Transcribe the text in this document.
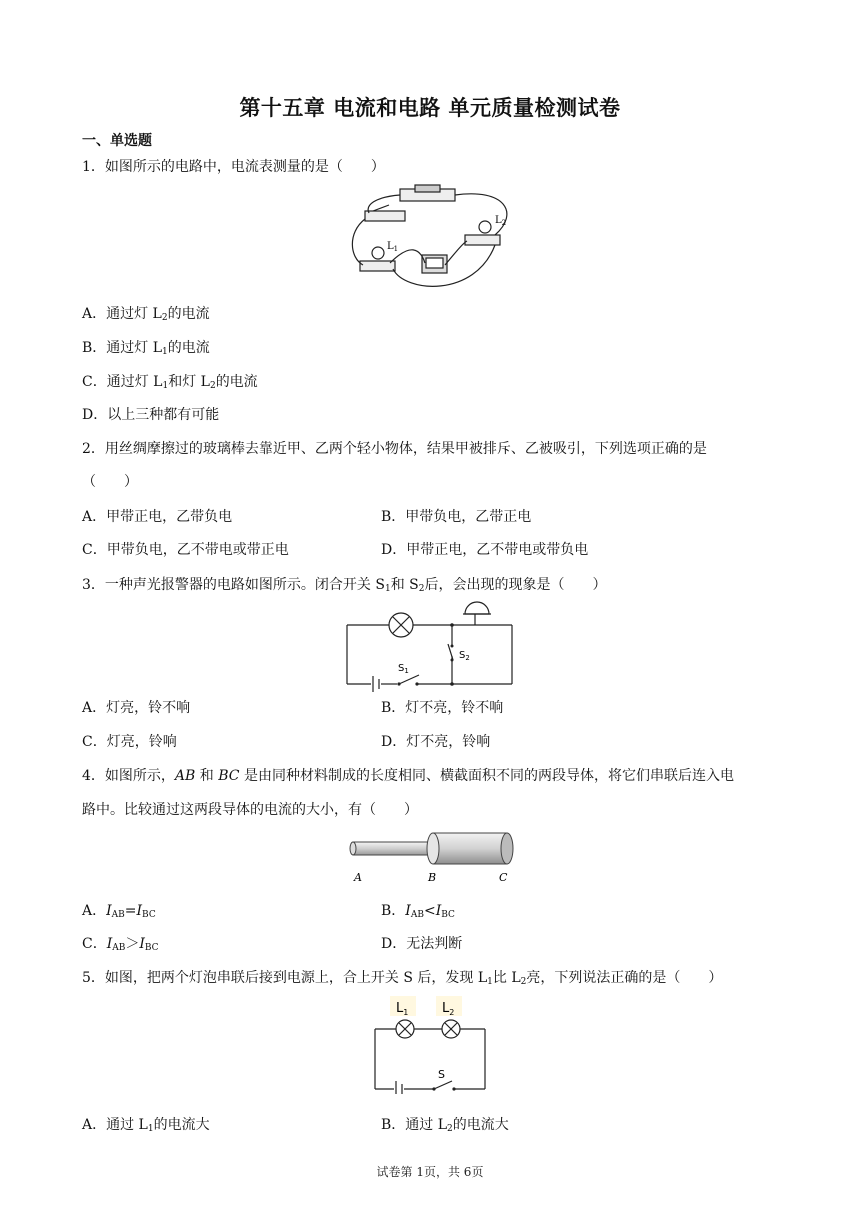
第十五章 电流和电路 单元质量检测试卷
一、单选题
1．如图所示的电路中，电流表测量的是（　　）
$L_1$
$L_2$
A．通过灯 $L_2$的电流
B．通过灯 $L_1$的电流
C．通过灯 $L_1$和灯 $L_2$的电流
D．以上三种都有可能
2．用丝绸摩擦过的玻璃棒去靠近甲、乙两个轻小物体，结果甲被排斥、乙被吸引，下列选项正确的是
（　　）
A．甲带正电，乙带负电	B．甲带负电，乙带正电
C．甲带负电，乙不带电或带正电	D．甲带正电，乙不带电或带负电
3．一种声光报警器的电路如图所示。闭合开关 $S_1$和 $S_2$后，会出现的现象是（　　）
$S_1$
$S_2$
A．灯亮，铃不响	B．灯不亮，铃不响
C．灯亮，铃响	D．灯不亮，铃响
4．如图所示，AB 和 BC 是由同种材料制成的长度相同、横截面积不同的两段导体，将它们串联后连入电
路中。比较通过这两段导体的电流的大小，有（　　）
A	B	C
A．$I_{AB}=I_{BC}$	B．$I_{AB}<I_{BC}$
C．$I_{AB}>I_{BC}$	D．无法判断
5．如图，把两个灯泡串联后接到电源上，合上开关 S 后，发现 $L_1$比 $L_2$亮，下列说法正确的是（　　）
$L_1$	$L_2$
S
A．通过 $L_1$的电流大	B．通过 $L_2$的电流大
试卷第 1页，共 6页
